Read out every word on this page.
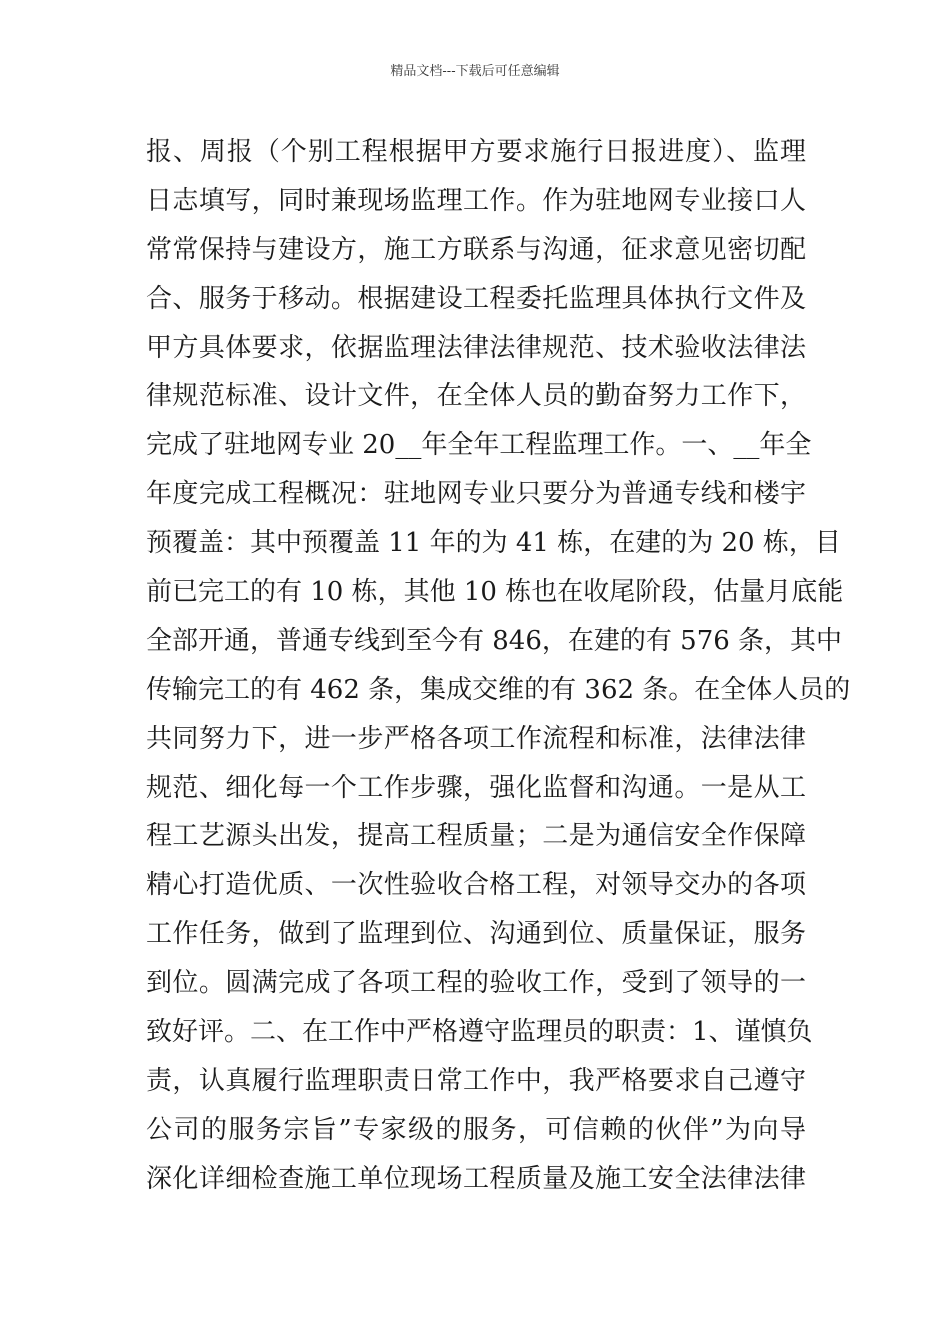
精品文档---下载后可任意编辑
报、周报（个别工程根据甲方要求施行日报进度）、监理
日志填写，同时兼现场监理工作。作为驻地网专业接口人
常常保持与建设方，施工方联系与沟通，征求意见密切配
合、服务于移动。根据建设工程委托监理具体执行文件及
甲方具体要求，依据监理法律法律规范、技术验收法律法
律规范标准、设计文件，在全体人员的勤奋努力工作下，
完成了驻地网专业 20__年全年工程监理工作。一、__年全
年度完成工程概况：驻地网专业只要分为普通专线和楼宇
预覆盖：其中预覆盖 11 年的为 41 栋，在建的为 20 栋，目
前已完工的有 10 栋，其他 10 栋也在收尾阶段，估量月底能
全部开通，普通专线到至今有 846，在建的有 576 条，其中
传输完工的有 462 条，集成交维的有 362 条。在全体人员的
共同努力下，进一步严格各项工作流程和标准，法律法律
规范、细化每一个工作步骤，强化监督和沟通。一是从工
程工艺源头出发，提高工程质量；二是为通信安全作保障
精心打造优质、一次性验收合格工程，对领导交办的各项
工作任务，做到了监理到位、沟通到位、质量保证，服务
到位。圆满完成了各项工程的验收工作，受到了领导的一
致好评。二、在工作中严格遵守监理员的职责：1、谨慎负
责，认真履行监理职责日常工作中，我严格要求自己遵守
公司的服务宗旨”专家级的服务，可信赖的伙伴”为向导
深化详细检查施工单位现场工程质量及施工安全法律法律
